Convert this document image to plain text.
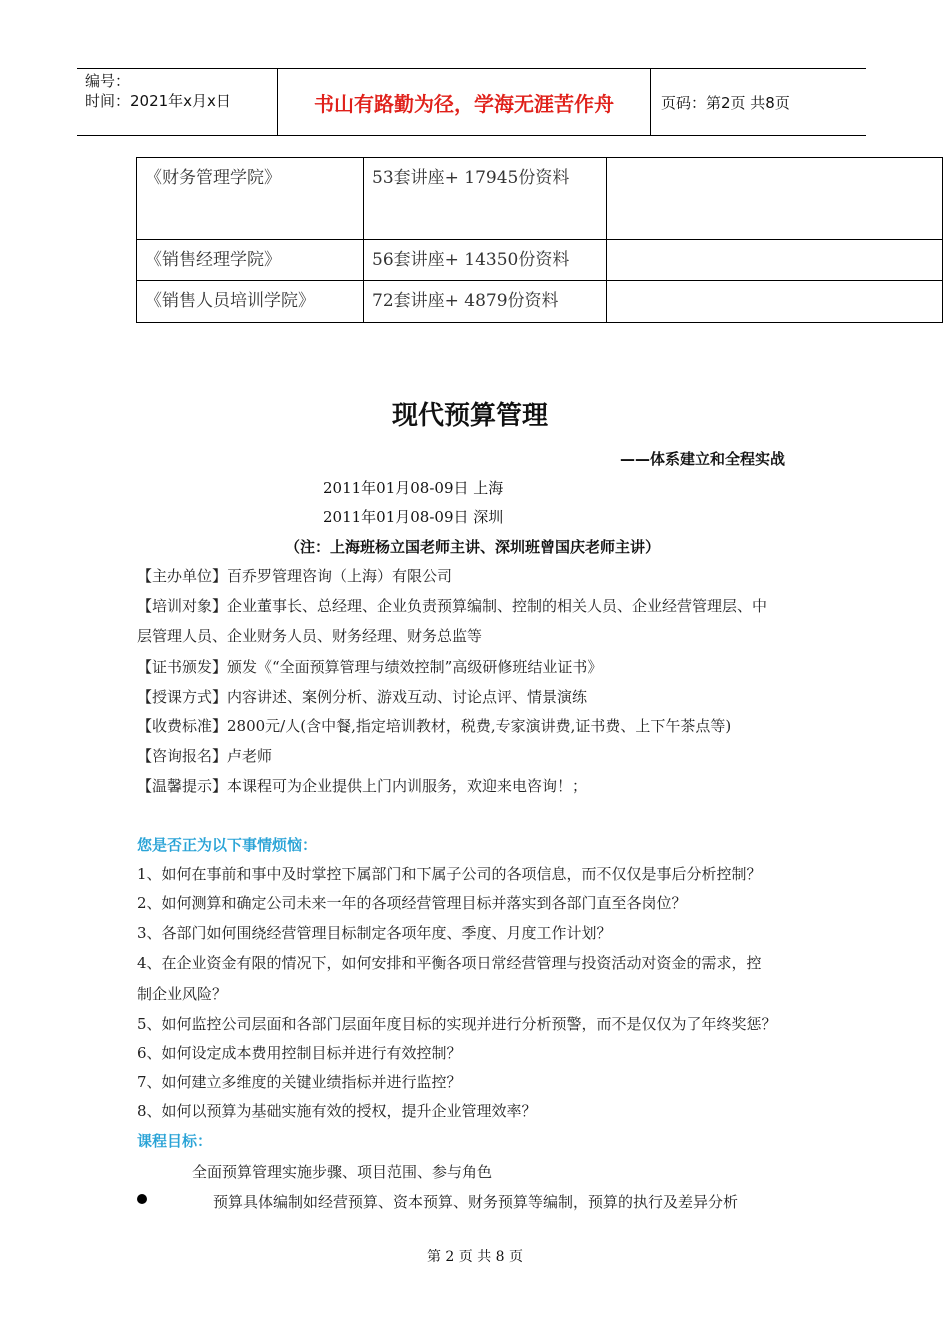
编号：
时间：2021年x月x日	书山有路勤为径，学海无涯苦作舟	页码：第2页 共8页
《财务管理学院》	53套讲座+ 17945份资料	
《销售经理学院》	56套讲座+ 14350份资料	
《销售人员培训学院》	72套讲座+ 4879份资料	
现代预算管理
——体系建立和全程实战
2011年01月08-09日 上海
2011年01月08-09日 深圳
（注：上海班杨立国老师主讲、深圳班曾国庆老师主讲）
【主办单位】百乔罗管理咨询（上海）有限公司
【培训对象】企业董事长、总经理、企业负责预算编制、控制的相关人员、企业经营管理层、中
层管理人员、企业财务人员、财务经理、财务总监等
【证书颁发】颁发《“全面预算管理与绩效控制”高级研修班结业证书》
【授课方式】内容讲述、案例分析、游戏互动、讨论点评、情景演练
【收费标准】2800元/人(含中餐,指定培训教材，税费,专家演讲费,证书费、上下午茶点等)
【咨询报名】卢老师
【温馨提示】本课程可为企业提供上门内训服务，欢迎来电咨询！；
您是否正为以下事情烦恼：
1、如何在事前和事中及时掌控下属部门和下属子公司的各项信息，而不仅仅是事后分析控制？
2、如何测算和确定公司未来一年的各项经营管理目标并落实到各部门直至各岗位？
3、各部门如何围绕经营管理目标制定各项年度、季度、月度工作计划？
4、在企业资金有限的情况下，如何安排和平衡各项日常经营管理与投资活动对资金的需求，控
制企业风险？
5、如何监控公司层面和各部门层面年度目标的实现并进行分析预警，而不是仅仅为了年终奖惩？
6、如何设定成本费用控制目标并进行有效控制？
7、如何建立多维度的关键业绩指标并进行监控？
8、如何以预算为基础实施有效的授权，提升企业管理效率？
课程目标：
全面预算管理实施步骤、项目范围、参与角色
预算具体编制如经营预算、资本预算、财务预算等编制，预算的执行及差异分析
第 2 页 共 8 页
